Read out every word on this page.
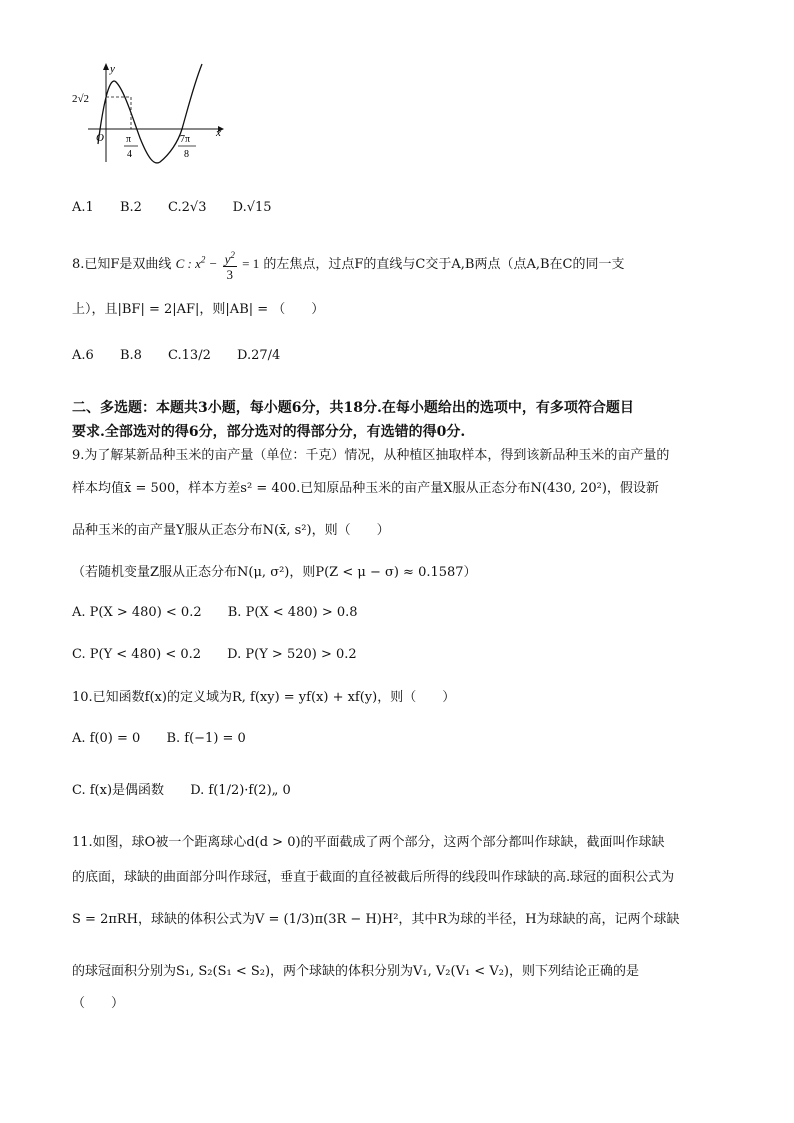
y
x
O
2√2
π
4
7π
8
A.1 B.2 C.2√3 D.√15
8.已知F是双曲线 C : $x^2 - \frac{y^2}{3} = 1$ 的左焦点，过点F的直线与C交于A,B两点（点A,B在C的同一支
上），且|BF| = 2|AF|，则|AB| = （　　）
A.6 B.8 C.13/2 D.27/4
二、多选题：本题共3小题，每小题6分，共18分.在每小题给出的选项中，有多项符合题目
要求.全部选对的得6分，部分选对的得部分分，有选错的得0分.
9.为了解某新品种玉米的亩产量（单位：千克）情况，从种植区抽取样本，得到该新品种玉米的亩产量的
样本均值x̄ = 500，样本方差s² = 400.已知原品种玉米的亩产量X服从正态分布N(430, 20²)，假设新
品种玉米的亩产量Y服从正态分布N(x̄, s²)，则（　　）
（若随机变量Z服从正态分布N(μ, σ²)，则P(Z < μ − σ) ≈ 0.1587）
A. P(X > 480) < 0.2 B. P(X < 480) > 0.8
C. P(Y < 480) < 0.2 D. P(Y > 520) > 0.2
10.已知函数f(x)的定义域为R, f(xy) = yf(x) + xf(y)，则（　　）
A. f(0) = 0 B. f(−1) = 0
C. f(x)是偶函数 D. f(1/2)·f(2)„ 0
11.如图，球O被一个距离球心d(d > 0)的平面截成了两个部分，这两个部分都叫作球缺，截面叫作球缺
的底面，球缺的曲面部分叫作球冠，垂直于截面的直径被截后所得的线段叫作球缺的高.球冠的面积公式为
S = 2πRH，球缺的体积公式为V = (1/3)π(3R − H)H²，其中R为球的半径，H为球缺的高，记两个球缺
的球冠面积分别为S₁, S₂(S₁ < S₂)，两个球缺的体积分别为V₁, V₂(V₁ < V₂)，则下列结论正确的是
（　　）
